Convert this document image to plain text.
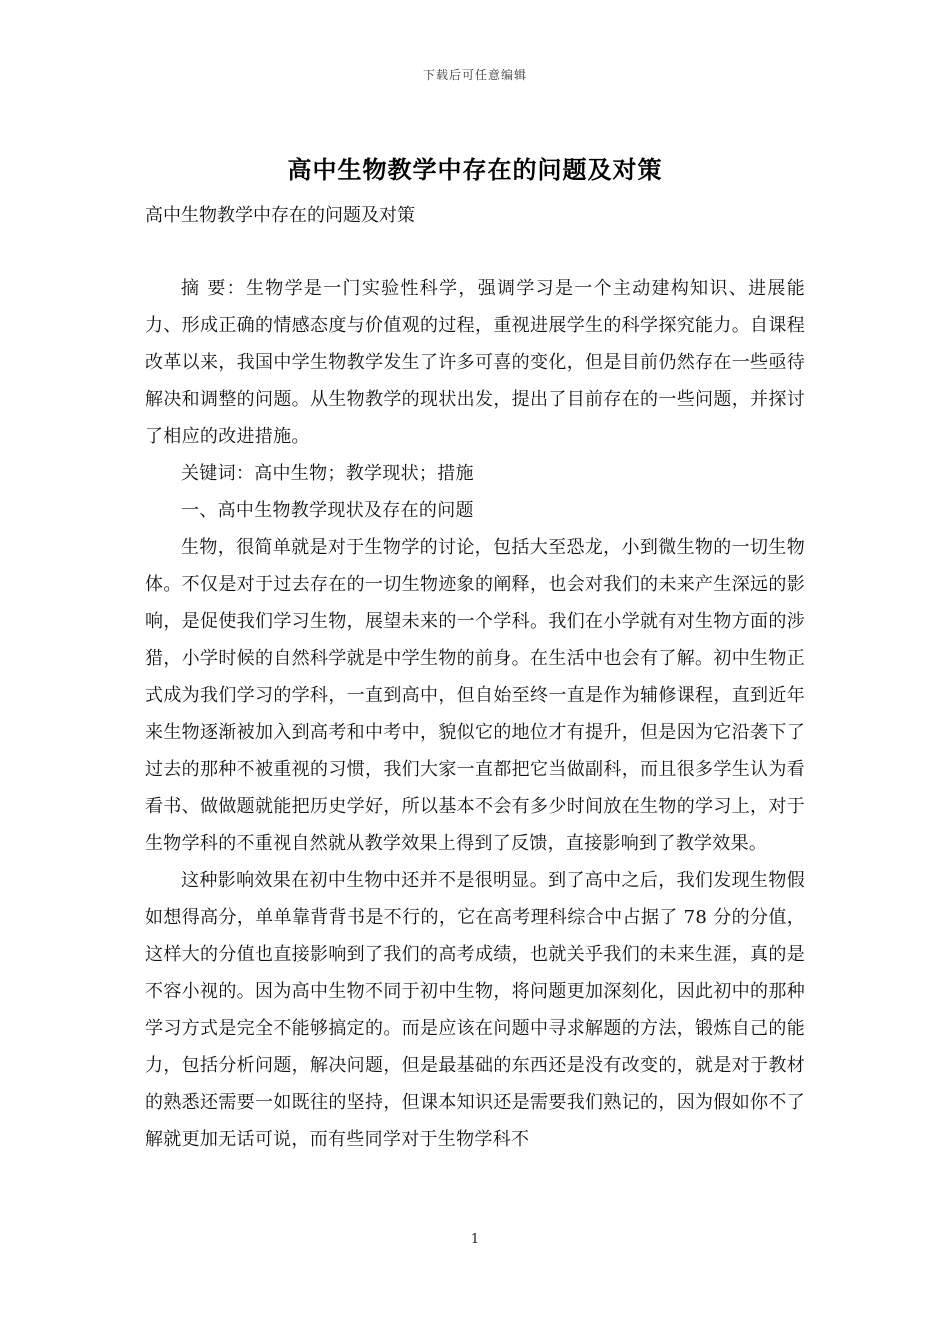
下载后可任意编辑
高中生物教学中存在的问题及对策

高中生物教学中存在的问题及对策

摘 要：生物学是一门实验性科学，强调学习是一个主动建构知识、进展能力、形成正确的情感态度与价值观的过程，重视进展学生的科学探究能力。自课程改革以来，我国中学生物教学发生了许多可喜的变化，但是目前仍然存在一些亟待解决和调整的问题。从生物教学的现状出发，提出了目前存在的一些问题，并探讨了相应的改进措施。

关键词：高中生物；教学现状；措施

一、高中生物教学现状及存在的问题

生物，很简单就是对于生物学的讨论，包括大至恐龙，小到微生物的一切生物体。不仅是对于过去存在的一切生物迹象的阐释，也会对我们的未来产生深远的影响，是促使我们学习生物，展望未来的一个学科。我们在小学就有对生物方面的涉猎，小学时候的自然科学就是中学生物的前身。在生活中也会有了解。初中生物正式成为我们学习的学科，一直到高中，但自始至终一直是作为辅修课程，直到近年来生物逐渐被加入到高考和中考中，貌似它的地位才有提升，但是因为它沿袭下了过去的那种不被重视的习惯，我们大家一直都把它当做副科，而且很多学生认为看看书、做做题就能把历史学好，所以基本不会有多少时间放在生物的学习上，对于生物学科的不重视自然就从教学效果上得到了反馈，直接影响到了教学效果。

这种影响效果在初中生物中还并不是很明显。到了高中之后，我们发现生物假如想得高分，单单靠背背书是不行的，它在高考理科综合中占据了 78 分的分值，这样大的分值也直接影响到了我们的高考成绩，也就关乎我们的未来生涯，真的是不容小视的。因为高中生物不同于初中生物，将问题更加深刻化，因此初中的那种学习方式是完全不能够搞定的。而是应该在问题中寻求解题的方法，锻炼自己的能力，包括分析问题，解决问题，但是最基础的东西还是没有改变的，就是对于教材的熟悉还需要一如既往的坚持，但课本知识还是需要我们熟记的，因为假如你不了解就更加无话可说，而有些同学对于生物学科不

1
